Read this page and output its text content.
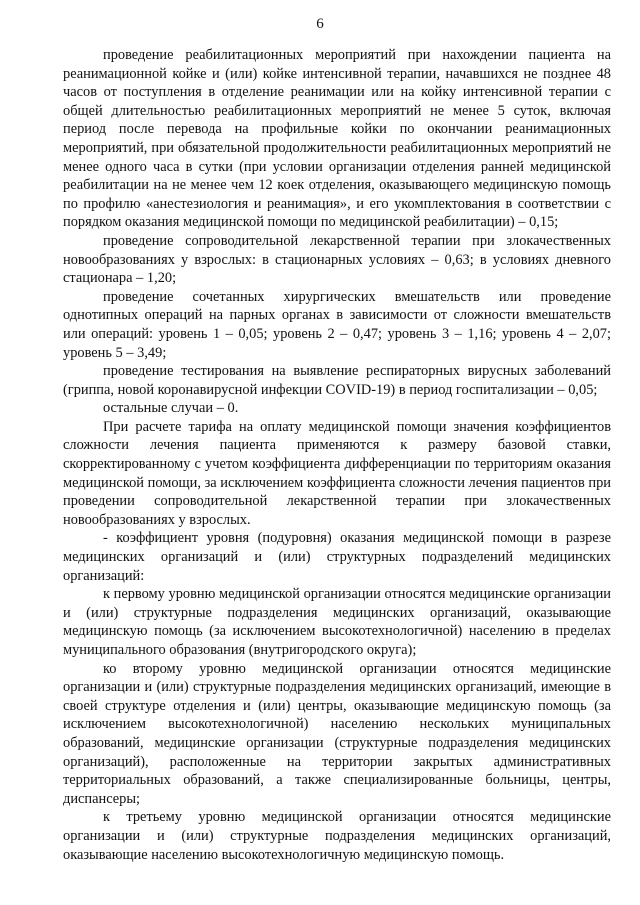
6

проведение реабилитационных мероприятий при нахождении пациента на реанимационной койке и (или) койке интенсивной терапии, начавшихся не позднее 48 часов от поступления в отделение реанимации или на койку интенсивной терапии с общей длительностью реабилитационных мероприятий не менее 5 суток, включая период после перевода на профильные койки по окончании реанимационных мероприятий, при обязательной продолжительности реабилитационных мероприятий не менее одного часа в сутки (при условии организации отделения ранней медицинской реабилитации на не менее чем 12 коек отделения, оказывающего медицинскую помощь по профилю «анестезиология и реанимация», и его укомплектования в соответствии с порядком оказания медицинской помощи по медицинской реабилитации) – 0,15;

проведение сопроводительной лекарственной терапии при злокачественных новообразованиях у взрослых: в стационарных условиях – 0,63; в условиях дневного стационара – 1,20;

проведение сочетанных хирургических вмешательств или проведение однотипных операций на парных органах в зависимости от сложности вмешательств или операций: уровень 1 – 0,05; уровень 2 – 0,47; уровень 3 – 1,16; уровень 4 – 2,07; уровень 5 – 3,49;

проведение тестирования на выявление респираторных вирусных заболеваний (гриппа, новой коронавирусной инфекции COVID-19) в период госпитализации – 0,05;

остальные случаи – 0.

При расчете тарифа на оплату медицинской помощи значения коэффициентов сложности лечения пациента применяются к размеру базовой ставки, скорректированному с учетом коэффициента дифференциации по территориям оказания медицинской помощи, за исключением коэффициента сложности лечения пациентов при проведении сопроводительной лекарственной терапии при злокачественных новообразованиях у взрослых.

- коэффициент уровня (подуровня) оказания медицинской помощи в разрезе медицинских организаций и (или) структурных подразделений медицинских организаций:

к первому уровню медицинской организации относятся медицинские организации и (или) структурные подразделения медицинских организаций, оказывающие медицинскую помощь (за исключением высокотехнологичной) населению в пределах муниципального образования (внутригородского округа);

ко второму уровню медицинской организации относятся медицинские организации и (или) структурные подразделения медицинских организаций, имеющие в своей структуре отделения и (или) центры, оказывающие медицинскую помощь (за исключением высокотехнологичной) населению нескольких муниципальных образований, медицинские организации (структурные подразделения медицинских организаций), расположенные на территории закрытых административных территориальных образований, а также специализированные больницы, центры, диспансеры;

к третьему уровню медицинской организации относятся медицинские организации и (или) структурные подразделения медицинских организаций, оказывающие населению высокотехнологичную медицинскую помощь.
